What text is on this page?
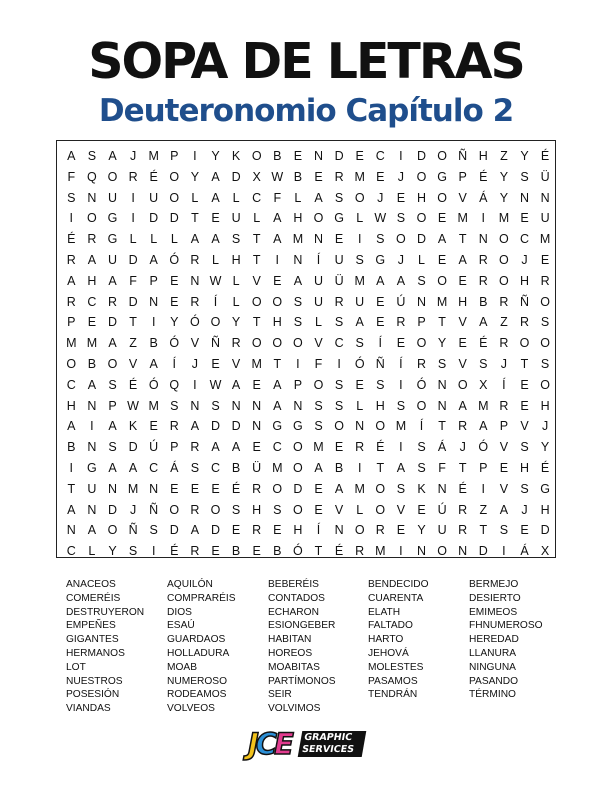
SOPA DE LETRAS
Deuteronomio Capítulo 2
A S A	J M P	I	Y K O B E N D E C	I	D O Ñ H Z	Y É
F Q O R É O Y A D X W B E R M E	J	O G P É Y S Ü
S N U	I	U O L	A	L	C F	L	A S O	J	E H O V Á Y N N
I	O G	I	D D T	E U	L	A H O G L W S O E M	I	M E U
É R G L	L	L	A A S	T	A M N E	I	S O D A	T N O C M
R A U D A Ó R	L	H T	I	N	Í	U S G	J	L	E A R O	J	E
A H A	F	P E N W L	V E A U Ü M A A S O E R O H R
R C R D N E R	Í	L O O S U R U E Ú N M H B R Ñ O
P E D T	I	Y Ó O Y	T H S	L	S A E R P	T	V A	Z R S
M M A	Z	B Ó V Ñ R O O O V C S	Í	E O Y E É R O O
O B O V A	Í	J	E V M T	I	F	I	Ó Ñ	Í	R S V S	J	T	S
C A S É Ó Q	I	W A E A P O S E S	I	Ó N O X	Í	E O
H N P W M S N S N N A N S S	L	H S O N A M R E H
A	I	A K E R A D D N G G S O N O M	Í	T R A P V	J
B N S D Ú P R A A E C O M E R É	I	S Á	J	Ó V S Y
I	G A A C Á S C B Ü M O A B	I	T	A S	F	T	P E H É
T U N M N E E E É R O D E A M O S K N É	I	V S G
A N D	J	Ñ O R O S H S O E V	L O V E Ú R Z	A	J	H
N A O Ñ S D A D E R E H	Í	N O R E Y U R T	S E D
C	L	Y S	I	É R E B E B Ó T	É R M	I	N O N D	I	Á X
ANACEOS
COMERÉIS
DESTRUYERON
EMPEÑES
GIGANTES
HERMANOS
LOT
NUESTROS
POSESIÓN
VIANDAS
AQUILÓN
COMPRARÉIS
DIOS
ESAÚ
GUARDAOS
HOLLADURA
MOAB
NUMEROSO
RODEAMOS
VOLVEOS
BEBERÉIS
CONTADOS
ECHARON
ESIONGEBER
HABITAN
HOREOS
MOABITAS
PARTÍMONOS
SEIR
VOLVIMOS
BENDECIDO
CUARENTA
ELATH
FALTADO
HARTO
JEHOVÁ
MOLESTES
PASAMOS
TENDRÁN
BERMEJO
DESIERTO
EMIMEOS
FHNUMEROSO
HEREDAD
LLANURA
NINGUNA
PASANDO
TÉRMINO
JCE GRAPHIC
SERVICES
